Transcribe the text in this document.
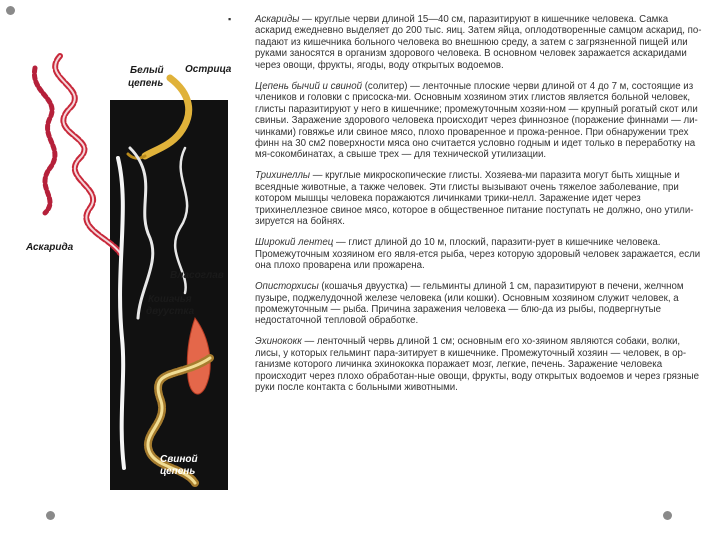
Белый
цепень
Острица
Аскарида
Власоглав
Кошачья
двуустка
Свиной
цепень
▪ Аскариды — круглые черви длиной 15—40 см, паразитируют в кишечнике человека. Самка аскарид ежедневно выделяет до 200 тыс. яиц. Затем яйца, оплодотворенные самцом аскарид, по-падают из кишечника больного человека во внешнюю среду, а затем с загрязненной пищей или руками заносятся в организм здорового человека. В основном человек заражается аскаридами через овощи, фрукты, ягоды, воду открытых водоемов.

Цепень бычий и свиной (солитер) — ленточные плоские черви длиной от 4 до 7 м, состоящие из члеников и головки с присоска-ми. Основным хозяином этих глистов является больной человек, глисты паразитируют у него в кишечнике; промежуточным хозяи-ном — крупный рогатый скот или свиньи. Заражение здорового человека происходит через финнозное (поражение финнами — ли-чинками) говяжье или свиное мясо, плохо проваренное и прожа-ренное. При обнаружении трех финн на 30 см2 поверхности мяса оно считается условно годным и идет только в переработку на мя-сокомбинатах, а свыше трех — для технической утилизации.

Трихинеллы — круглые микроскопические глисты. Хозяева-ми паразита могут быть хищные и всеядные животные, а также человек. Эти глисты вызывают очень тяжелое заболевание, при котором мышцы человека поражаются личинками трики-нелл. Заражение идет через трихинеллезное свиное мясо, которое в общественное питание поступать не должно, оно утили-зируется на бойнях.

Широкий лентец — глист длиной до 10 м, плоский, паразити-рует в кишечнике человека. Промежуточным хозяином его явля-ется рыба, через которую здоровый человек заражается, если она плохо проварена или прожарена.

Описторхисы (кошачья двуустка) — гельминты длиной 1 см, паразитируют в печени, желчном пузыре, поджелудочной железе человека (или кошки). Основным хозяином служит человек, а промежуточным — рыба. Причина заражения человека — блю-да из рыбы, подвергнутые недостаточной тепловой обработке.

Эхинококк — ленточный червь длиной 1 см; основным его хо-зяином являются собаки, волки, лисы, у которых гельминт пара-зитирует в кишечнике. Промежуточный хозяин — человек, в ор-ганизме которого личинка эхинококка поражает мозг, легкие, печень. Заражение человека происходит через плохо обработан-ные овощи, фрукты, воду открытых водоемов и через грязные руки после контакта с больными животными.
